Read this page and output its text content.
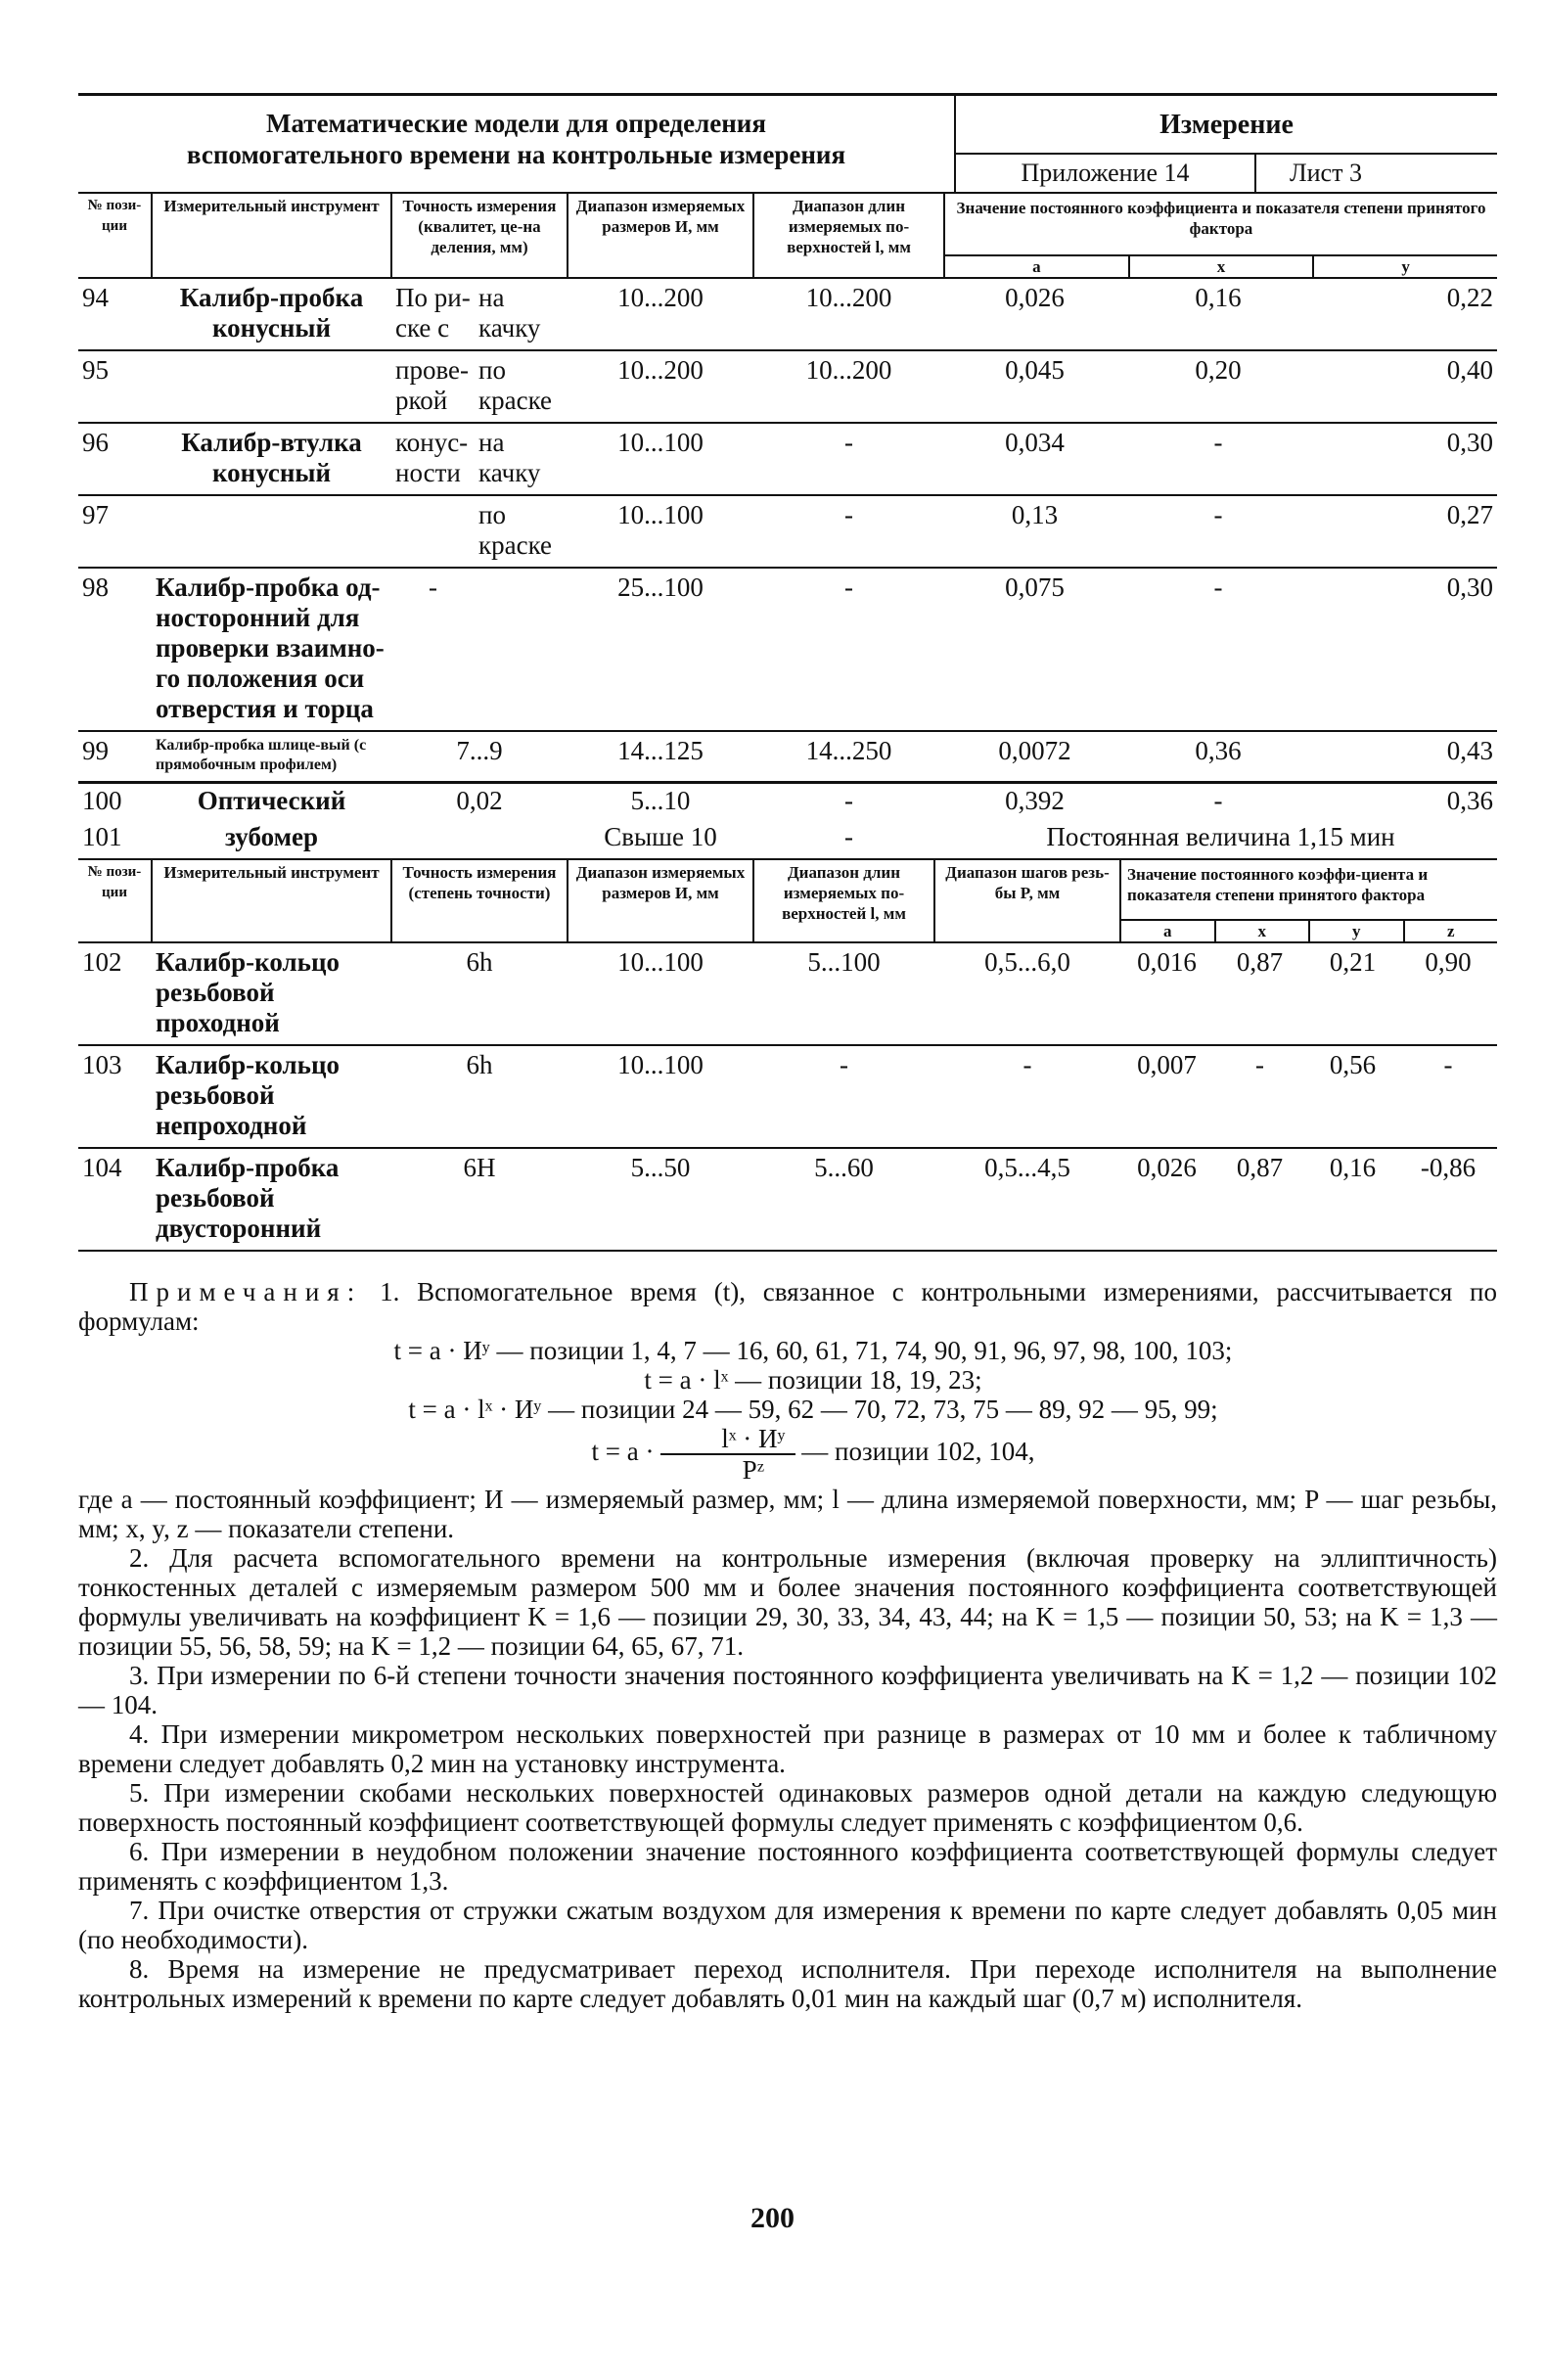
Математические модели для определения
вспомогательного времени на контрольные измерения
Измерение
Приложение 14	Лист 3
№ пози-ции	Измерительный инструмент	Точность измерения (квалитет, це-на деления, мм)		Диапазон измеряемых размеров И, мм	Диапазон длин измеряемых по-верхностей l, мм	Значение постоянного коэффициента и показателя степени принятого фактора
a x y		

94	Калибр-пробка конусный	По ри-ске с	на качку	10...200	10...200	0,026	0,16	0,22
95		прове-ркой	по краске	10...200	10...200	0,045	0,20	0,40
96	Калибр-втулка конусный	конус-ности	на качку	10...100	-	0,034	-	0,30
97			по краске	10...100	-	0,13	-	0,27
98	Калибр-пробка од-носторонний для проверки взаимно-го положения оси отверстия и торца	-		25...100	-	0,075	-	0,30
99	Калибр-пробка шлице-вый (с прямобочным профилем)	7...9		14...125	14...250	0,0072	0,36	0,43
100	Оптический	0,02		5...10	-	0,392	-	0,36
101	зубомер			Свыше 10	-	Постоянная величина 1,15 мин		
№ пози-ции	Измерительный инструмент	Точность измерения (степень точности)	Диапазон измеряемых размеров И, мм	Диапазон длин измеряемых по-верхностей l, мм	Диапазон шагов резь-бы P, мм	Значение постоянного коэффи-циента и показателя степени принятого фактора
a x y z			

102	Калибр-кольцо резьбовой проходной	6h	10...100	5...100	0,5...6,0	0,016	0,87	0,21	0,90
103	Калибр-кольцо резьбовой непроходной	6h	10...100	-	-	0,007	-	0,56	-
104	Калибр-пробка резьбовой двусторонний	6H	5...50	5...60	0,5...4,5	0,026	0,87	0,16	-0,86

Примечания: 1. Вспомогательное время (t), связанное с контрольными измерениями, рассчитывается по формулам:

t = a · Иʸ — позиции 1, 4, 7 — 16, 60, 61, 71, 74, 90, 91, 96, 97, 98, 100, 103;

t = a · lˣ — позиции 18, 19, 23;

t = a · lˣ · Иʸ — позиции 24 — 59, 62 — 70, 72, 73, 75 — 89, 92 — 95, 99;

$t = a \cdot \frac{\text{lˣ · Иʸ}}{\text{Pᶻ}}$ — позиции 102, 104,

где a — постоянный коэффициент; И — измеряемый размер, мм; l — длина измеряемой поверхности, мм; P — шаг резьбы, мм; x, y, z — показатели степени.

2. Для расчета вспомогательного времени на контрольные измерения (включая проверку на эллиптичность) тонкостенных деталей с измеряемым размером 500 мм и более значения постоянного коэффициента соответствующей формулы увеличивать на коэффициент K = 1,6 — позиции 29, 30, 33, 34, 43, 44; на K = 1,5 — позиции 50, 53; на K = 1,3 — позиции 55, 56, 58, 59; на K = 1,2 — позиции 64, 65, 67, 71.

3. При измерении по 6-й степени точности значения постоянного коэффициента увеличивать на K = 1,2 — позиции 102 — 104.

4. При измерении микрометром нескольких поверхностей при разнице в размерах от 10 мм и более к табличному времени следует добавлять 0,2 мин на установку инструмента.

5. При измерении скобами нескольких поверхностей одинаковых размеров одной детали на каждую следующую поверхность постоянный коэффициент соответствующей формулы следует применять с коэффициентом 0,6.

6. При измерении в неудобном положении значение постоянного коэффициента соответствующей формулы следует применять с коэффициентом 1,3.

7. При очистке отверстия от стружки сжатым воздухом для измерения к времени по карте следует добавлять 0,05 мин (по необходимости).

8. Время на измерение не предусматривает переход исполнителя. При переходе исполнителя на выполнение контрольных измерений к времени по карте следует добавлять 0,01 мин на каждый шаг (0,7 м) исполнителя.

200
